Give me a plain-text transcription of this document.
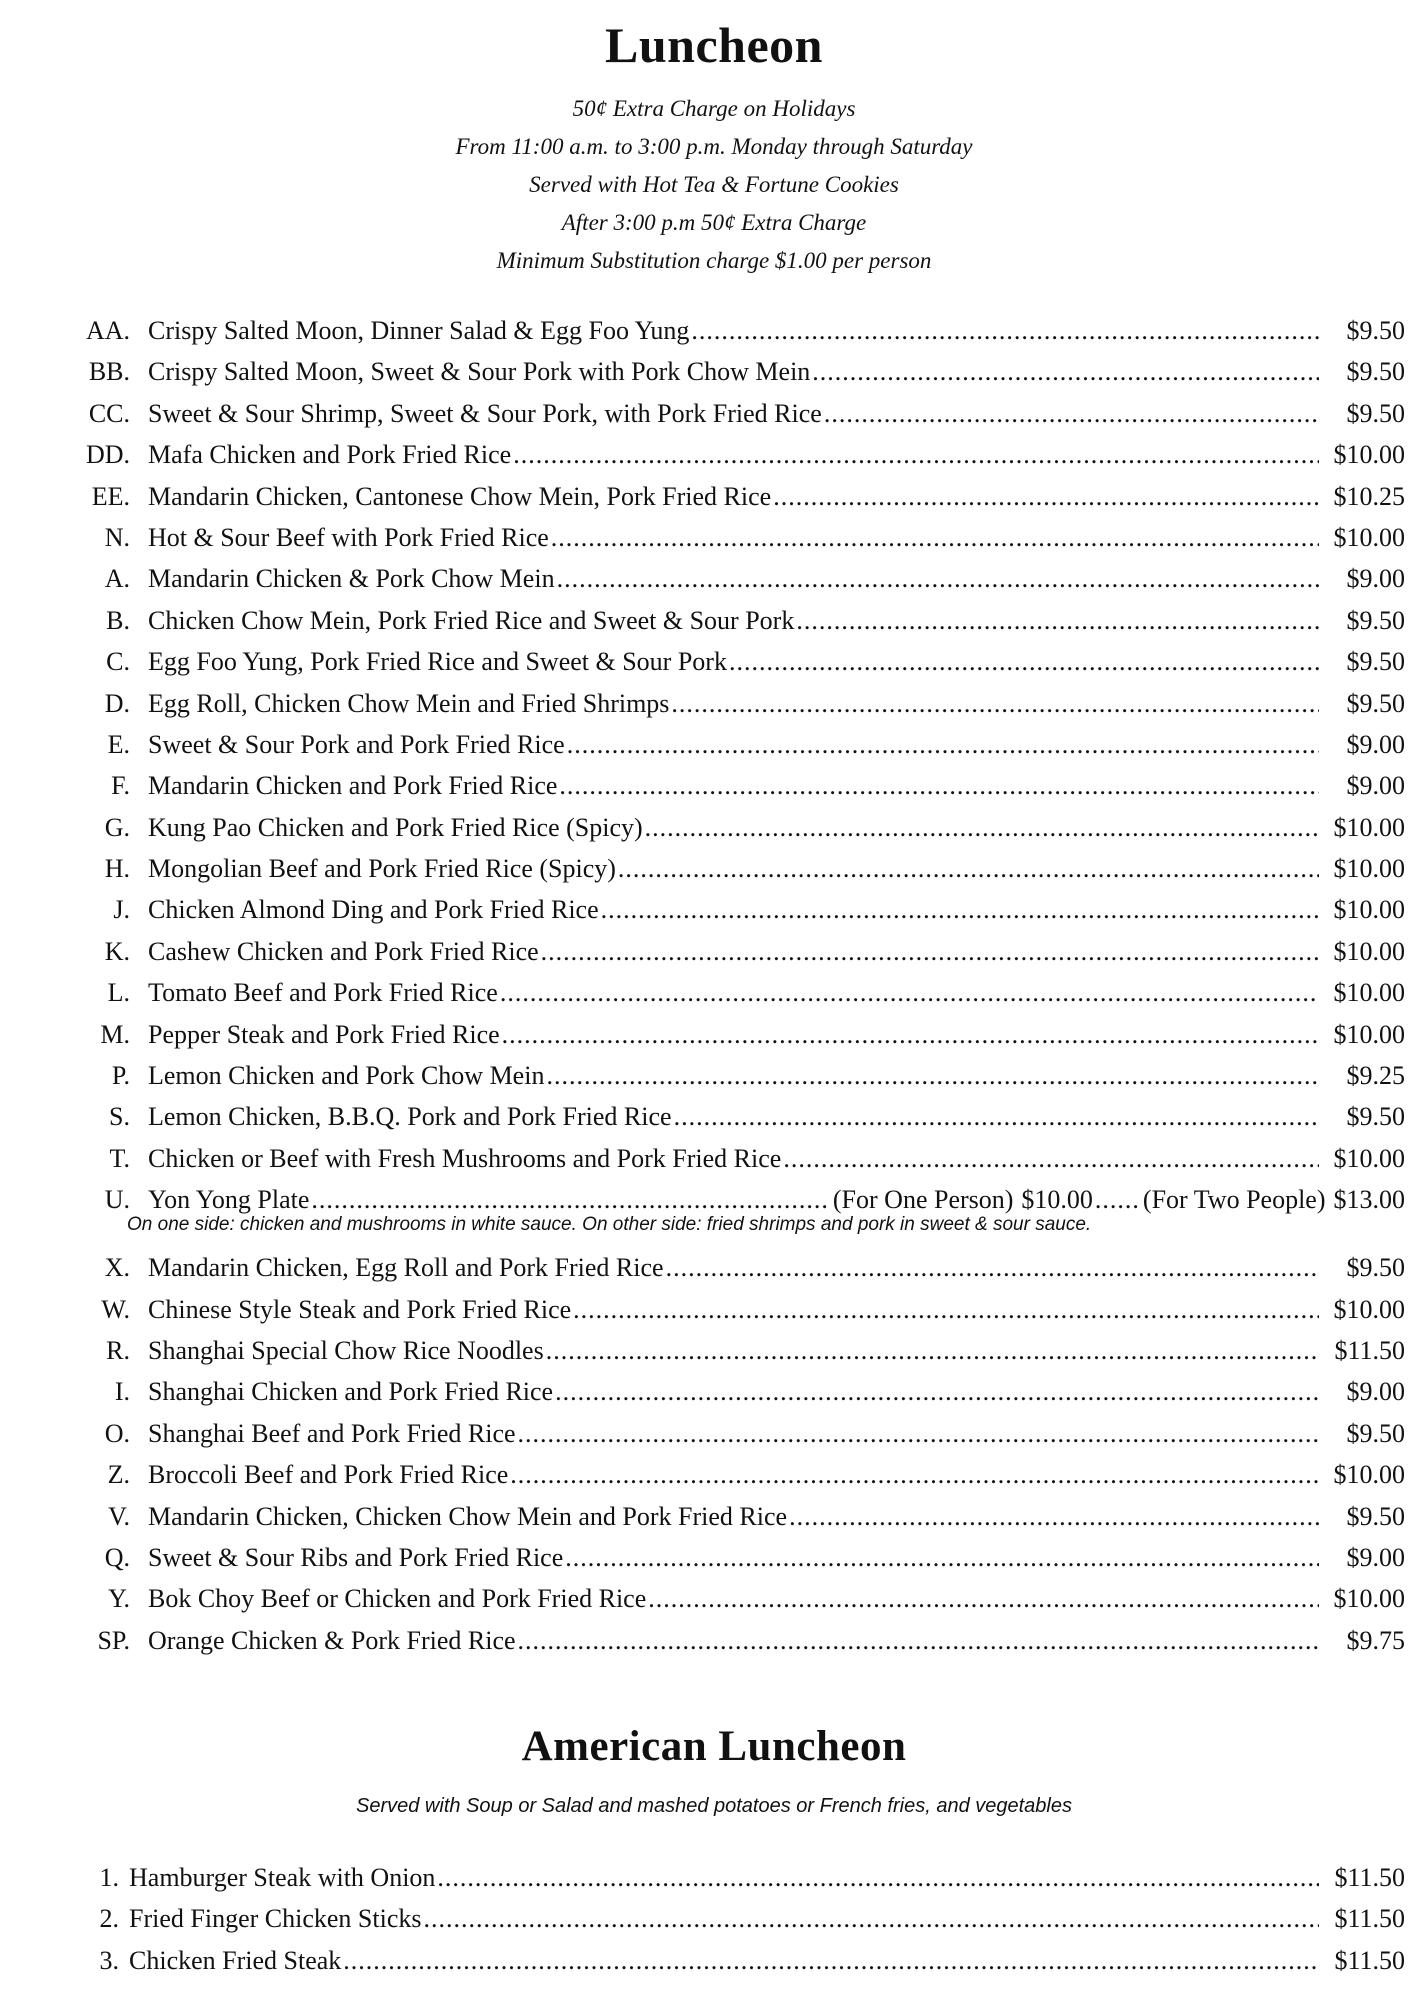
Luncheon
50¢ Extra Charge on Holidays
From 11:00 a.m. to 3:00 p.m. Monday through Saturday
Served with Hot Tea & Fortune Cookies
After 3:00 p.m 50¢ Extra Charge
Minimum Substitution charge $1.00 per person
AA. Crispy Salted Moon, Dinner Salad & Egg Foo Yung .....	$9.50
BB. Crispy Salted Moon, Sweet & Sour Pork with Pork Chow Mein .....	$9.50
CC. Sweet & Sour Shrimp, Sweet & Sour Pork, with Pork Fried Rice .....	$9.50
DD. Mafa Chicken and Pork Fried Rice .....	$10.00
EE. Mandarin Chicken, Cantonese Chow Mein, Pork Fried Rice .....	$10.25
N. Hot & Sour Beef with Pork Fried Rice .....	$10.00
A. Mandarin Chicken & Pork Chow Mein .....	$9.00
B. Chicken Chow Mein, Pork Fried Rice and Sweet & Sour Pork .....	$9.50
C. Egg Foo Yung, Pork Fried Rice and Sweet & Sour Pork .....	$9.50
D. Egg Roll, Chicken Chow Mein and Fried Shrimps .....	$9.50
E. Sweet & Sour Pork and Pork Fried Rice .....	$9.00
F. Mandarin Chicken and Pork Fried Rice .....	$9.00
G. Kung Pao Chicken and Pork Fried Rice (Spicy) .....	$10.00
H. Mongolian Beef and Pork Fried Rice (Spicy) .....	$10.00
J. Chicken Almond Ding and Pork Fried Rice .....	$10.00
K. Cashew Chicken and Pork Fried Rice .....	$10.00
L. Tomato Beef and Pork Fried Rice .....	$10.00
M. Pepper Steak and Pork Fried Rice .....	$10.00
P. Lemon Chicken and Pork Chow Mein .....	$9.25
S. Lemon Chicken, B.B.Q. Pork and Pork Fried Rice .....	$9.50
T. Chicken or Beef with Fresh Mushrooms and Pork Fried Rice .....	$10.00
U. Yon Yong Plate .....	(For One Person) $10.00 ..... (For Two People) $13.00
On one side: chicken and mushrooms in white sauce. On other side: fried shrimps and pork in sweet & sour sauce.
X. Mandarin Chicken, Egg Roll and Pork Fried Rice .....	$9.50
W. Chinese Style Steak and Pork Fried Rice .....	$10.00
R. Shanghai Special Chow Rice Noodles .....	$11.50
I. Shanghai Chicken and Pork Fried Rice .....	$9.00
O. Shanghai Beef and Pork Fried Rice .....	$9.50
Z. Broccoli Beef and Pork Fried Rice .....	$10.00
V. Mandarin Chicken, Chicken Chow Mein and Pork Fried Rice .....	$9.50
Q. Sweet & Sour Ribs and Pork Fried Rice .....	$9.00
Y. Bok Choy Beef or Chicken and Pork Fried Rice .....	$10.00
SP. Orange Chicken & Pork Fried Rice .....	$9.75
American Luncheon
Served with Soup or Salad and mashed potatoes or French fries, and vegetables
1. Hamburger Steak with Onion .....	$11.50
2. Fried Finger Chicken Sticks .....	$11.50
3. Chicken Fried Steak .....	$11.50
